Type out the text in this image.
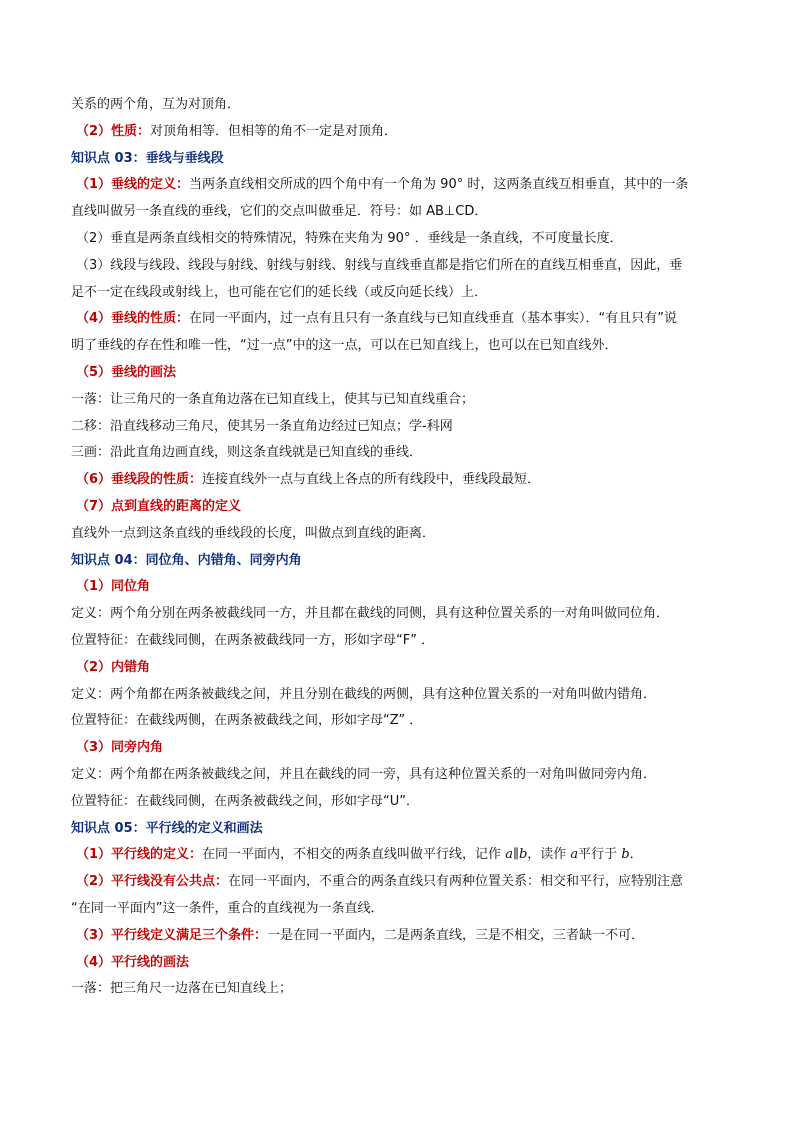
关系的两个角，互为对顶角．
（2）性质：对顶角相等．但相等的角不一定是对顶角．
知识点 03：垂线与垂线段
（1）垂线的定义：当两条直线相交所成的四个角中有一个角为 90° 时，这两条直线互相垂直，其中的一条
直线叫做另一条直线的垂线，它们的交点叫做垂足．符号：如 AB⊥CD．
（2）垂直是两条直线相交的特殊情况，特殊在夹角为 90° ．垂线是一条直线，不可度量长度．
（3）线段与线段、线段与射线、射线与射线、射线与直线垂直都是指它们所在的直线互相垂直，因此，垂
足不一定在线段或射线上，也可能在它们的延长线（或反向延长线）上．
（4）垂线的性质：在同一平面内，过一点有且只有一条直线与已知直线垂直（基本事实）．“有且只有”说
明了垂线的存在性和唯一性，“过一点”中的这一点，可以在已知直线上，也可以在已知直线外．
（5）垂线的画法
一落：让三角尺的一条直角边落在已知直线上，使其与已知直线重合；
二移：沿直线移动三角尺，使其另一条直角边经过已知点；学-科网
三画：沿此直角边画直线，则这条直线就是已知直线的垂线．
（6）垂线段的性质：连接直线外一点与直线上各点的所有线段中，垂线段最短．
（7）点到直线的距离的定义
直线外一点到这条直线的垂线段的长度，叫做点到直线的距离．
知识点 04：同位角、内错角、同旁内角
（1）同位角
定义：两个角分别在两条被截线同一方，并且都在截线的同侧，具有这种位置关系的一对角叫做同位角．
位置特征：在截线同侧，在两条被截线同一方，形如字母“F” ．
（2）内错角
定义：两个角都在两条被截线之间，并且分别在截线的两侧，具有这种位置关系的一对角叫做内错角．
位置特征：在截线两侧，在两条被截线之间，形如字母“Z” ．
（3）同旁内角
定义：两个角都在两条被截线之间，并且在截线的同一旁，具有这种位置关系的一对角叫做同旁内角．
位置特征：在截线同侧，在两条被截线之间，形如字母“U”．
知识点 05：平行线的定义和画法
（1）平行线的定义：在同一平面内，不相交的两条直线叫做平行线，记作 a∥b，读作 a平行于 b．
（2）平行线没有公共点：在同一平面内，不重合的两条直线只有两种位置关系：相交和平行，应特别注意
“在同一平面内”这一条件，重合的直线视为一条直线．
（3）平行线定义满足三个条件：一是在同一平面内，二是两条直线，三是不相交，三者缺一不可．
（4）平行线的画法
一落：把三角尺一边落在已知直线上；
